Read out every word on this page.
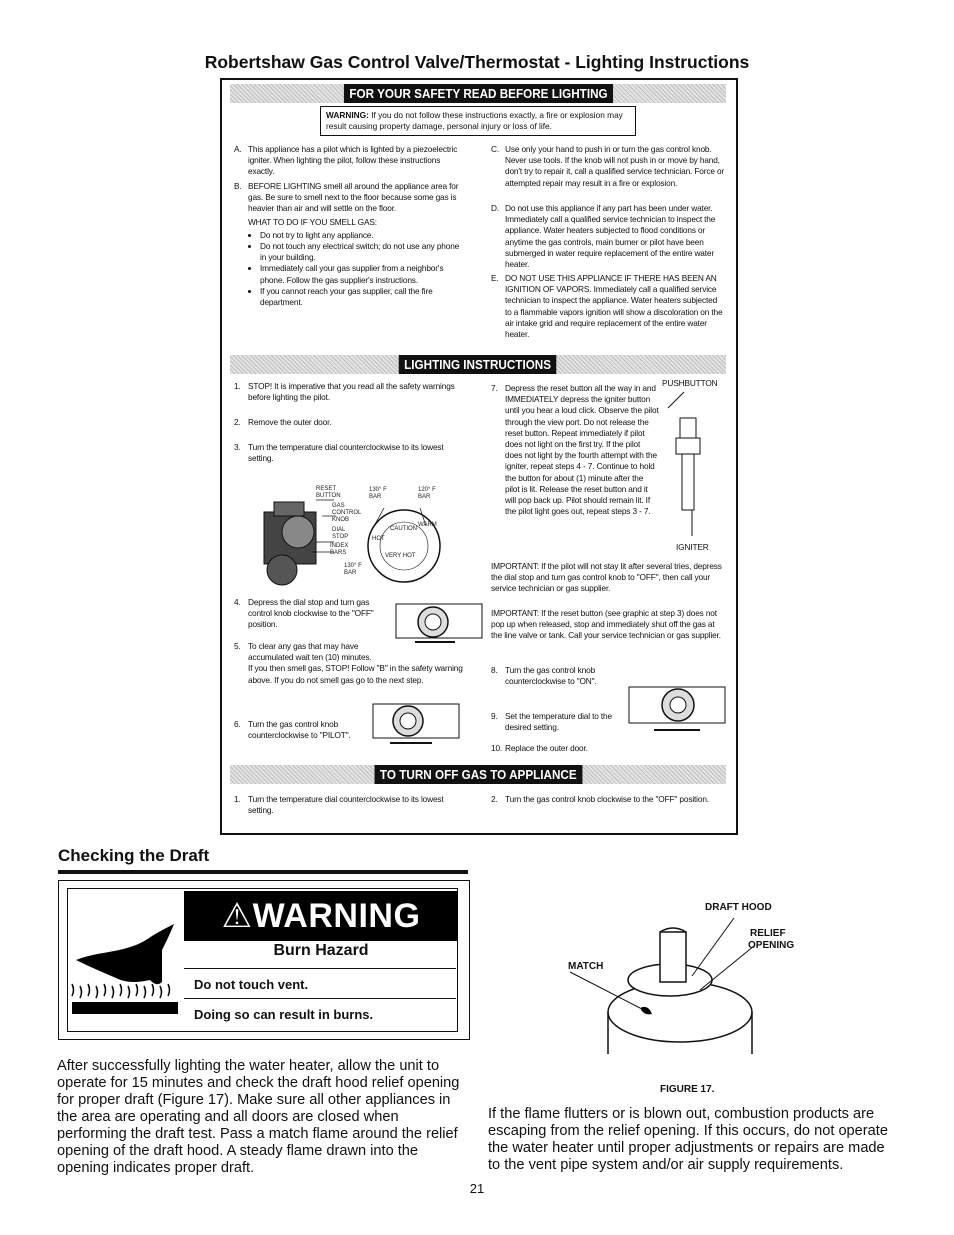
Robertshaw Gas Control Valve/Thermostat - Lighting Instructions
FOR YOUR SAFETY READ BEFORE LIGHTING
WARNING: If you do not follow these instructions exactly, a fire or explosion may result causing property damage, personal injury or loss of life.
A. This appliance has a pilot which is lighted by a piezoelectric igniter. When lighting the pilot, follow these instructions exactly.
B. BEFORE LIGHTING smell all around the appliance area for gas. Be sure to smell next to the floor because some gas is heavier than air and will settle on the floor.
WHAT TO DO IF YOU SMELL GAS:
• Do not try to light any appliance.
• Do not touch any electrical switch; do not use any phone in your building.
• Immediately call your gas supplier from a neighbor's phone. Follow the gas supplier's instructions.
• If you cannot reach your gas supplier, call the fire department.
C. Use only your hand to push in or turn the gas control knob. Never use tools. If the knob will not push in or move by hand, don't try to repair it, call a qualified service technician. Force or attempted repair may result in a fire or explosion.
D. Do not use this appliance if any part has been under water. Immediately call a qualified service technician to inspect the appliance. Water heaters subjected to flood conditions or anytime the gas controls, main burner or pilot have been submerged in water require replacement of the entire water heater.
E. DO NOT USE THIS APPLIANCE IF THERE HAS BEEN AN IGNITION OF VAPORS. Immediately call a qualified service technician to inspect the appliance. Water heaters subjected to a flammable vapors ignition will show a discoloration on the air intake grid and require replacement of the entire water heater.
LIGHTING INSTRUCTIONS
1. STOP! It is imperative that you read all the safety warnings before lighting the pilot.
2. Remove the outer door.
3. Turn the temperature dial counterclockwise to its lowest setting.
RESET BUTTON
GAS CONTROL KNOB
DIAL STOP
INDEX BARS
130° F BAR
120° F BAR
130° F BAR
CAUTION
HOT
WARM
VERY HOT
4. Depress the dial stop and turn gas control knob clockwise to the "OFF" position.
5. To clear any gas that may have accumulated wait ten (10) minutes.
If you then smell gas, STOP! Follow "B" in the safety warning above. If you do not smell gas go to the next step.
6. Turn the gas control knob counterclockwise to "PILOT".
7. Depress the reset button all the way in and IMMEDIATELY depress the igniter button until you hear a loud click. Observe the pilot through the view port. Do not release the reset button. Repeat immediately if pilot does not light on the first try. If the pilot does not light by the fourth attempt with the igniter, repeat steps 4 - 7. Continue to hold the button for about (1) minute after the pilot is lit. Release the reset button and it will pop back up. Pilot should remain lit. If the pilot light goes out, repeat steps 3 - 7.
PUSHBUTTON
IGNITER
IMPORTANT: If the pilot will not stay lit after several tries, depress the dial stop and turn gas control knob to "OFF", then call your service technician or gas supplier.
IMPORTANT: If the reset button (see graphic at step 3) does not pop up when released, stop and immediately shut off the gas at the line valve or tank. Call your service technician or gas supplier.
8. Turn the gas control knob counterclockwise to "ON".
9. Set the temperature dial to the desired setting.
10. Replace the outer door.
TO TURN OFF GAS TO APPLIANCE
1. Turn the temperature dial counterclockwise to its lowest setting.
2. Turn the gas control knob clockwise to the "OFF" position.
Checking the Draft
⚠WARNING
Burn Hazard
Do not touch vent.
Doing so can result in burns.
After successfully lighting the water heater, allow the unit to operate for 15 minutes and check the draft hood relief opening for proper draft (Figure 17). Make sure all other appliances in the area are operating and all doors are closed when performing the draft test. Pass a match flame around the relief opening of the draft hood. A steady flame drawn into the opening indicates proper draft.
DRAFT HOOD
RELIEF
OPENING
MATCH
FIGURE 17.
If the flame flutters or is blown out, combustion products are escaping from the relief opening. If this occurs, do not operate the water heater until proper adjustments or repairs are made to the vent pipe system and/or air supply requirements.
21
